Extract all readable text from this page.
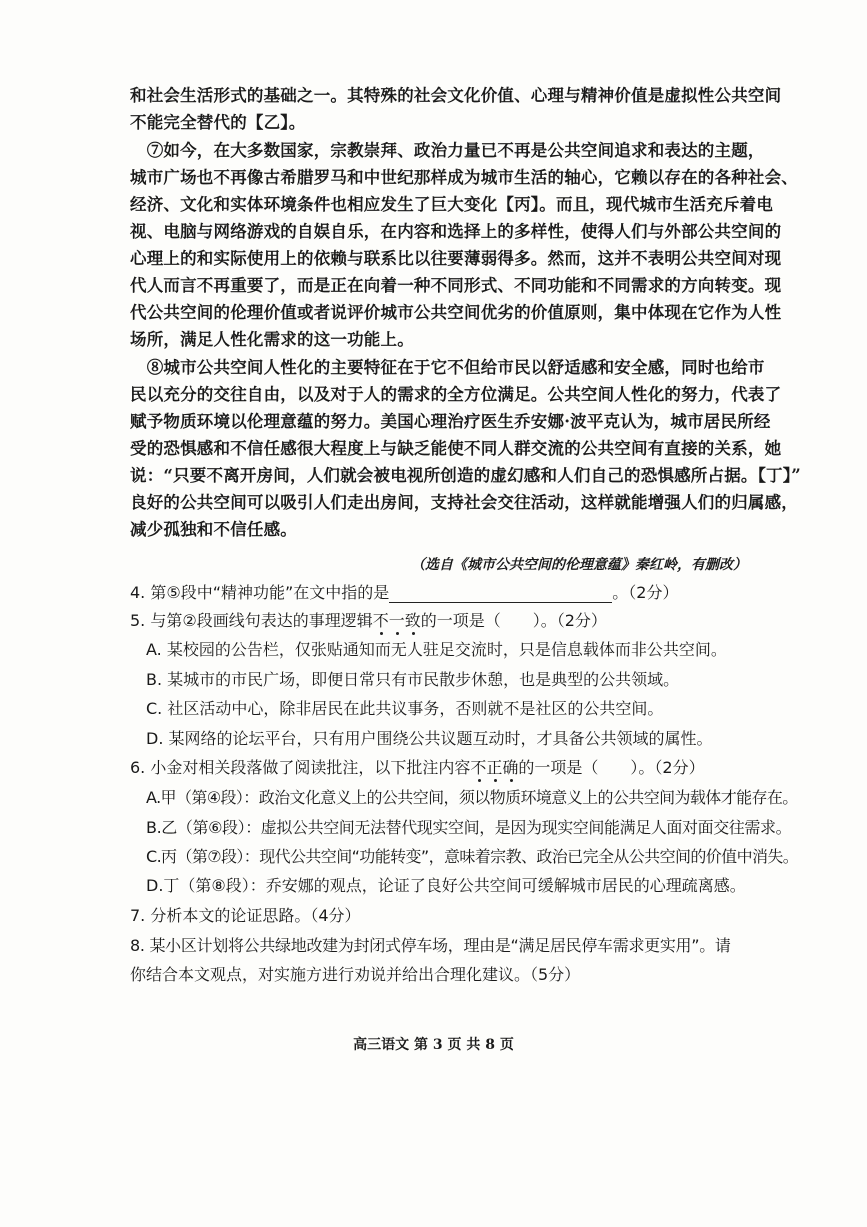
和社会生活形式的基础之一。其特殊的社会文化价值、心理与精神价值是虚拟性公共空间
不能完全替代的【乙】。
　⑦如今，在大多数国家，宗教崇拜、政治力量已不再是公共空间追求和表达的主题，
城市广场也不再像古希腊罗马和中世纪那样成为城市生活的轴心，它赖以存在的各种社会、
经济、文化和实体环境条件也相应发生了巨大变化【丙】。而且，现代城市生活充斥着电
视、电脑与网络游戏的自娱自乐，在内容和选择上的多样性，使得人们与外部公共空间的
心理上的和实际使用上的依赖与联系比以往要薄弱得多。然而，这并不表明公共空间对现
代人而言不再重要了，而是正在向着一种不同形式、不同功能和不同需求的方向转变。现
代公共空间的伦理价值或者说评价城市公共空间优劣的价值原则，集中体现在它作为人性
场所，满足人性化需求的这一功能上。
　⑧城市公共空间人性化的主要特征在于它不但给市民以舒适感和安全感，同时也给市
民以充分的交往自由，以及对于人的需求的全方位满足。公共空间人性化的努力，代表了
赋予物质环境以伦理意蕴的努力。美国心理治疗医生乔安娜·波平克认为，城市居民所经
受的恐惧感和不信任感很大程度上与缺乏能使不同人群交流的公共空间有直接的关系，她
说：“只要不离开房间，人们就会被电视所创造的虚幻感和人们自己的恐惧感所占据。【丁】”
良好的公共空间可以吸引人们走出房间，支持社会交往活动，这样就能增强人们的归属感，
减少孤独和不信任感。
（选自《城市公共空间的伦理意蕴》秦红岭，有删改）
4. 第⑤段中“精神功能”在文中指的是	。（2分）
5. 与第②段画线句表达的事理逻辑不一致的一项是（　　）。（2分）
A. 某校园的公告栏，仅张贴通知而无人驻足交流时，只是信息载体而非公共空间。
B. 某城市的市民广场，即便日常只有市民散步休憩，也是典型的公共领域。
C. 社区活动中心，除非居民在此共议事务，否则就不是社区的公共空间。
D. 某网络的论坛平台，只有用户围绕公共议题互动时，才具备公共领域的属性。
6. 小金对相关段落做了阅读批注，以下批注内容不正确的一项是（　　）。（2分）
A.甲（第④段）：政治文化意义上的公共空间，须以物质环境意义上的公共空间为载体才能存在。
B.乙（第⑥段）：虚拟公共空间无法替代现实空间，是因为现实空间能满足人面对面交往需求。
C.丙（第⑦段）：现代公共空间“功能转变”，意味着宗教、政治已完全从公共空间的价值中消失。
D.丁（第⑧段）：乔安娜的观点，论证了良好公共空间可缓解城市居民的心理疏离感。
7. 分析本文的论证思路。（4分）
8. 某小区计划将公共绿地改建为封闭式停车场，理由是“满足居民停车需求更实用”。请
你结合本文观点，对实施方进行劝说并给出合理化建议。（5分）
高三语文 第 3 页 共 8 页
